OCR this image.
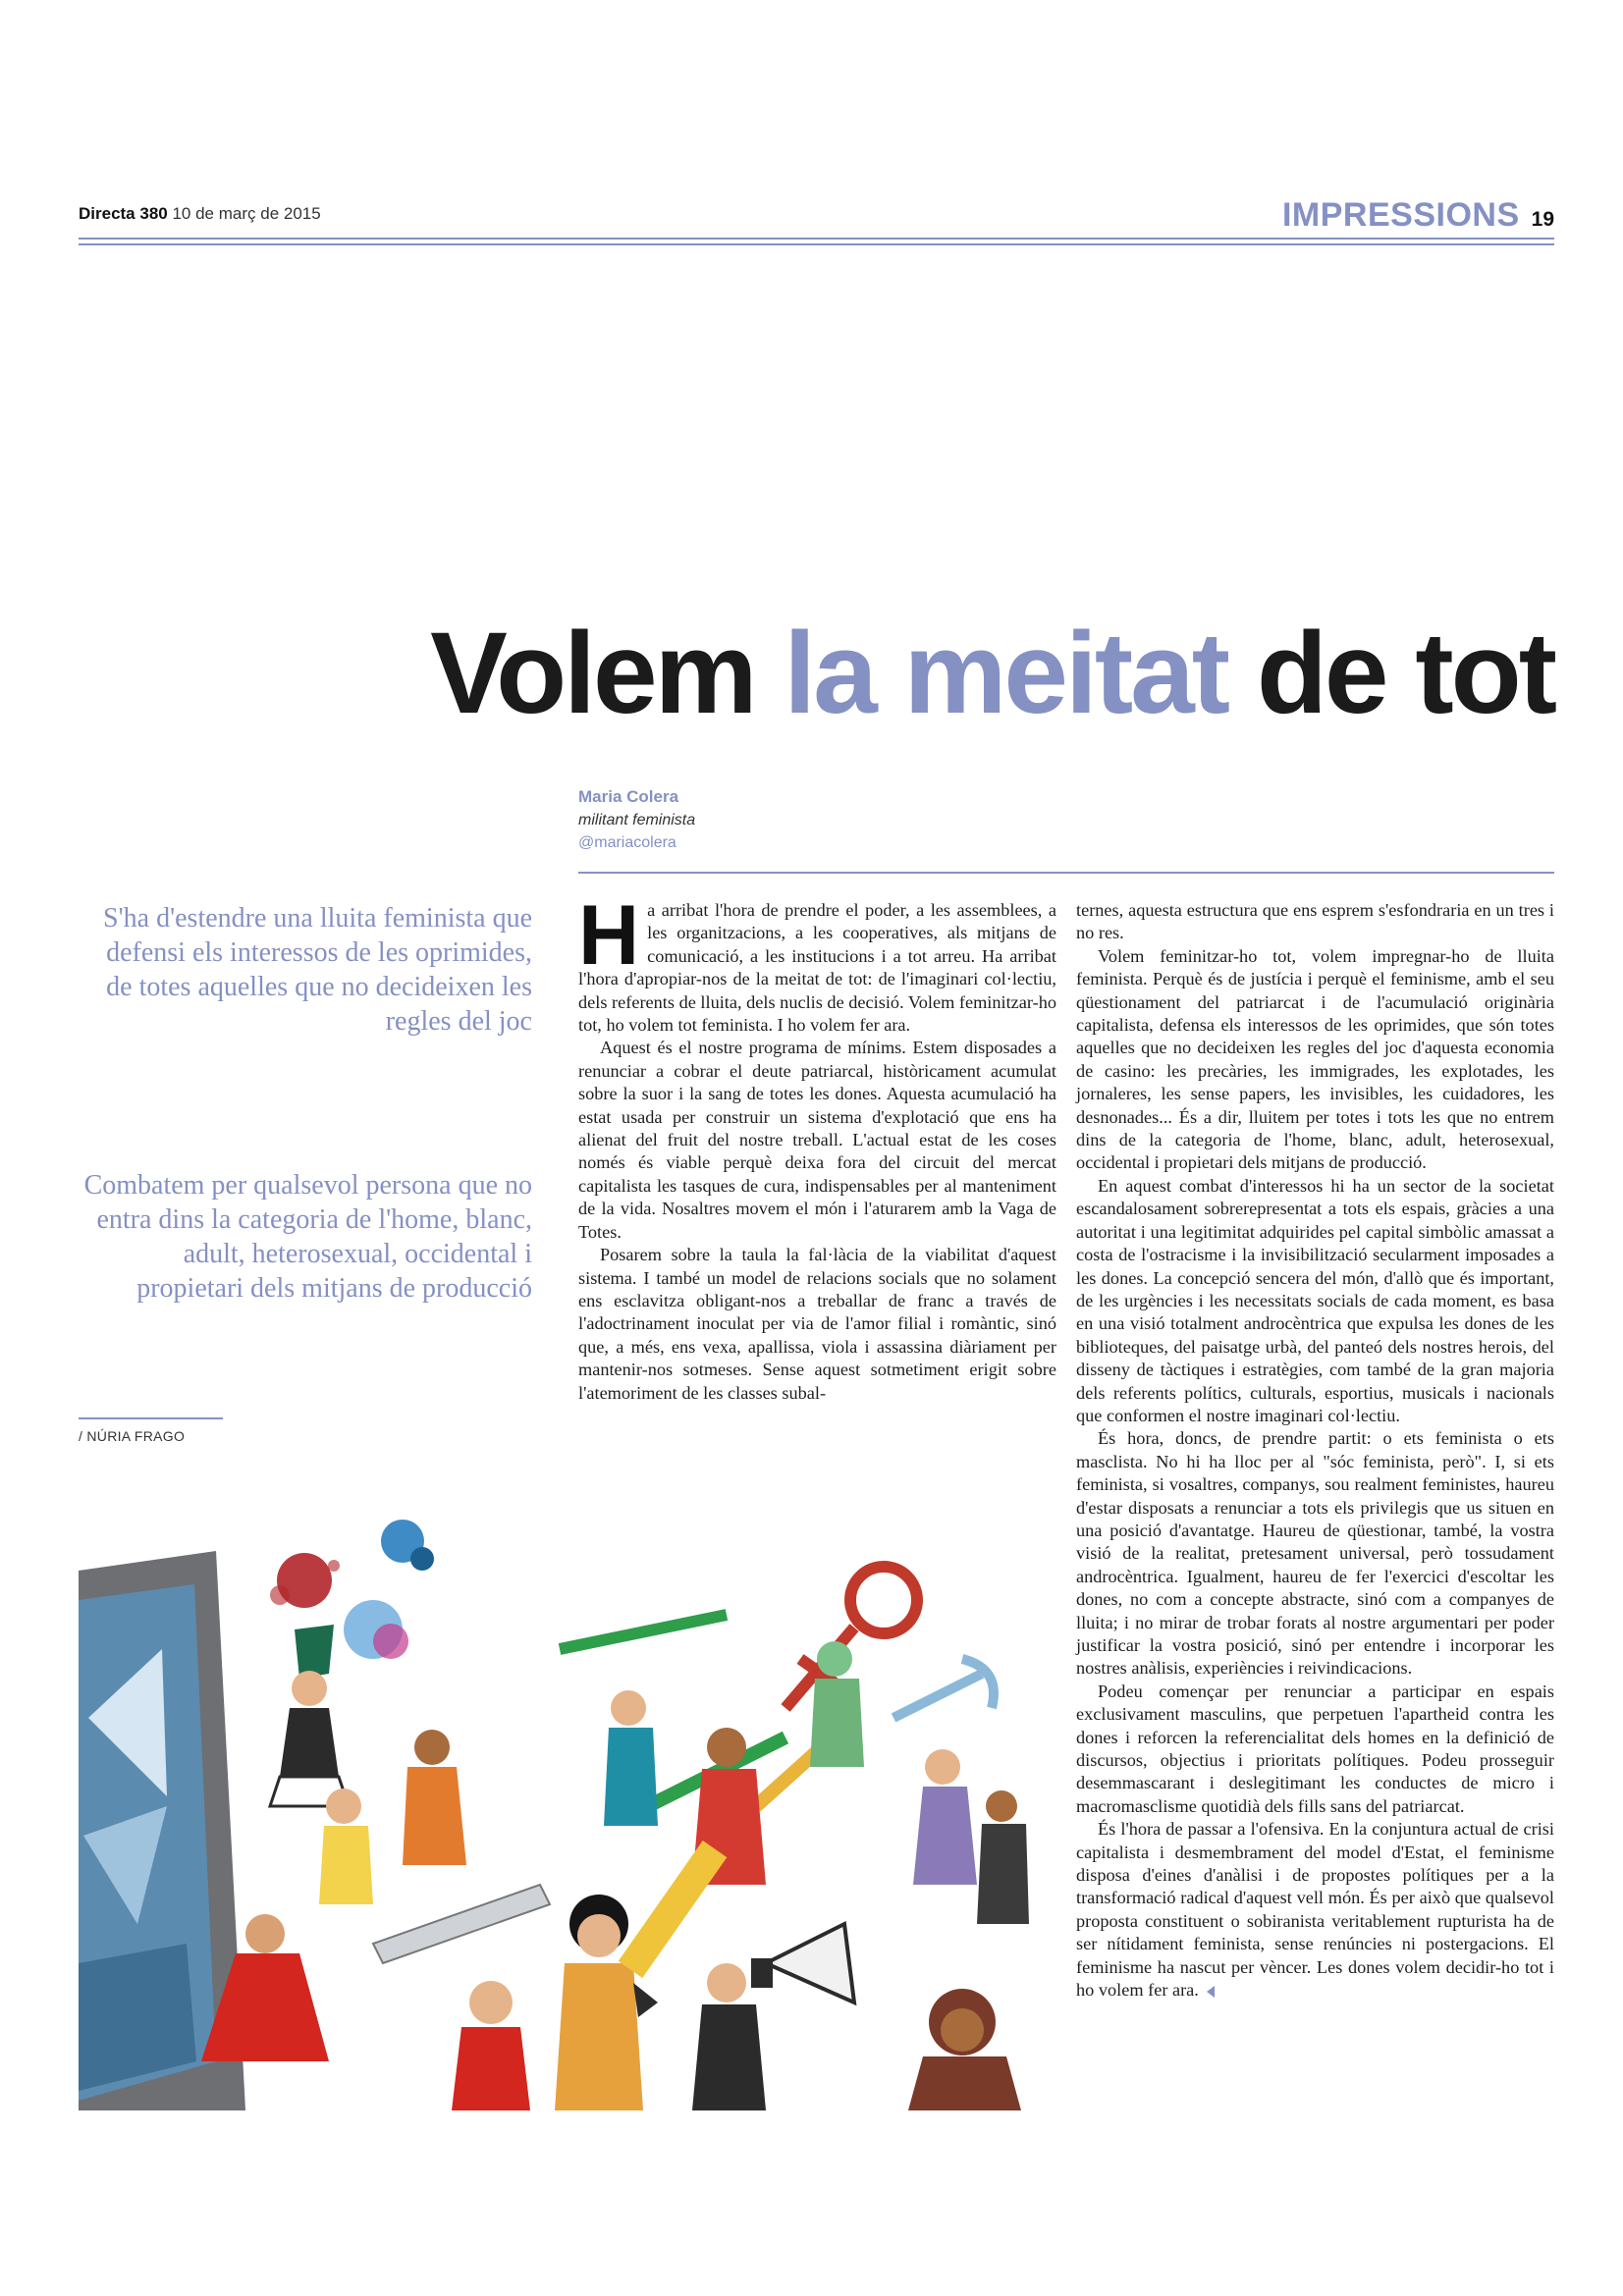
Directa 380 10 de març de 2015	IMPRESSIONS 19
Volem la meitat de tot
Maria Colera
militant feminista
@mariacolera

S'ha d'estendre una lluita feminista que defensi els interessos de les oprimides, de totes aquelles que no decideixen les regles del joc

Combatem per qualsevol persona que no entra dins la categoria de l'home, blanc, adult, heterosexual, occidental i propietari dels mitjans de producció

/ NÚRIA FRAGO

Ha arribat l'hora de prendre el poder, a les assemblees, a les organitzacions, a les cooperatives, als mitjans de comunicació, a les institucions i a tot arreu. Ha arribat l'hora d'apropiar-nos de la meitat de tot: de l'imaginari col·lectiu, dels referents de lluita, dels nuclis de decisió. Volem feminitzar-ho tot, ho volem tot feminista. I ho volem fer ara.

Aquest és el nostre programa de mínims. Estem disposades a renunciar a cobrar el deute patriarcal, històricament acumulat sobre la suor i la sang de totes les dones. Aquesta acumulació ha estat usada per construir un sistema d'explotació que ens ha alienat del fruit del nostre treball. L'actual estat de les coses només és viable perquè deixa fora del circuit del mercat capitalista les tasques de cura, indispensables per al manteniment de la vida. Nosaltres movem el món i l'aturarem amb la Vaga de Totes.

Posarem sobre la taula la fal·làcia de la viabilitat d'aquest sistema. I també un model de relacions socials que no solament ens esclavitza obligant-nos a treballar de franc a través de l'adoctrinament inoculat per via de l'amor filial i romàntic, sinó que, a més, ens vexa, apallissa, viola i assassina diàriament per mantenir-nos sotmeses. Sense aquest sotmetiment erigit sobre l'atemoriment de les classes subal-

ternes, aquesta estructura que ens esprem s'esfondraria en un tres i no res.

Volem feminitzar-ho tot, volem impregnar-ho de lluita feminista. Perquè és de justícia i perquè el feminisme, amb el seu qüestionament del patriarcat i de l'acumulació originària capitalista, defensa els interessos de les oprimides, que són totes aquelles que no decideixen les regles del joc d'aquesta economia de casino: les precàries, les immigrades, les explotades, les jornaleres, les sense papers, les invisibles, les cuidadores, les desnonades... És a dir, lluitem per totes i tots les que no entrem dins de la categoria de l'home, blanc, adult, heterosexual, occidental i propietari dels mitjans de producció.

En aquest combat d'interessos hi ha un sector de la societat escandalosament sobrerepresentat a tots els espais, gràcies a una autoritat i una legitimitat adquirides pel capital simbòlic amassat a costa de l'ostracisme i la invisibilització secularment imposades a les dones. La concepció sencera del món, d'allò que és important, de les urgències i les necessitats socials de cada moment, es basa en una visió totalment androcèntrica que expulsa les dones de les biblioteques, del paisatge urbà, del panteó dels nostres herois, del disseny de tàctiques i estratègies, com també de la gran majoria dels referents polítics, culturals, esportius, musicals i nacionals que conformen el nostre imaginari col·lectiu.

És hora, doncs, de prendre partit: o ets feminista o ets masclista. No hi ha lloc per al "sóc feminista, però". I, si ets feminista, si vosaltres, companys, sou realment feministes, haureu d'estar disposats a renunciar a tots els privilegis que us situen en una posició d'avantatge. Haureu de qüestionar, també, la vostra visió de la realitat, pretesament universal, però tossudament androcèntrica. Igualment, haureu de fer l'exercici d'escoltar les dones, no com a concepte abstracte, sinó com a companyes de lluita; i no mirar de trobar forats al nostre argumentari per poder justificar la vostra posició, sinó per entendre i incorporar les nostres anàlisis, experiències i reivindicacions.

Podeu començar per renunciar a participar en espais exclusivament masculins, que perpetuen l'apartheid contra les dones i reforcen la referencialitat dels homes en la definició de discursos, objectius i prioritats polítiques. Podeu prosseguir desemmascarant i deslegitimant les conductes de micro i macromasclisme quotidià dels fills sans del patriarcat.

És l'hora de passar a l'ofensiva. En la conjuntura actual de crisi capitalista i desmembrament del model d'Estat, el feminisme disposa d'eines d'anàlisi i de propostes polítiques per a la transformació radical d'aquest vell món. És per això que qualsevol proposta constituent o sobiranista veritablement rupturista ha de ser nítidament feminista, sense renúncies ni postergacions. El feminisme ha nascut per vèncer. Les dones volem decidir-ho tot i ho volem fer ara.
